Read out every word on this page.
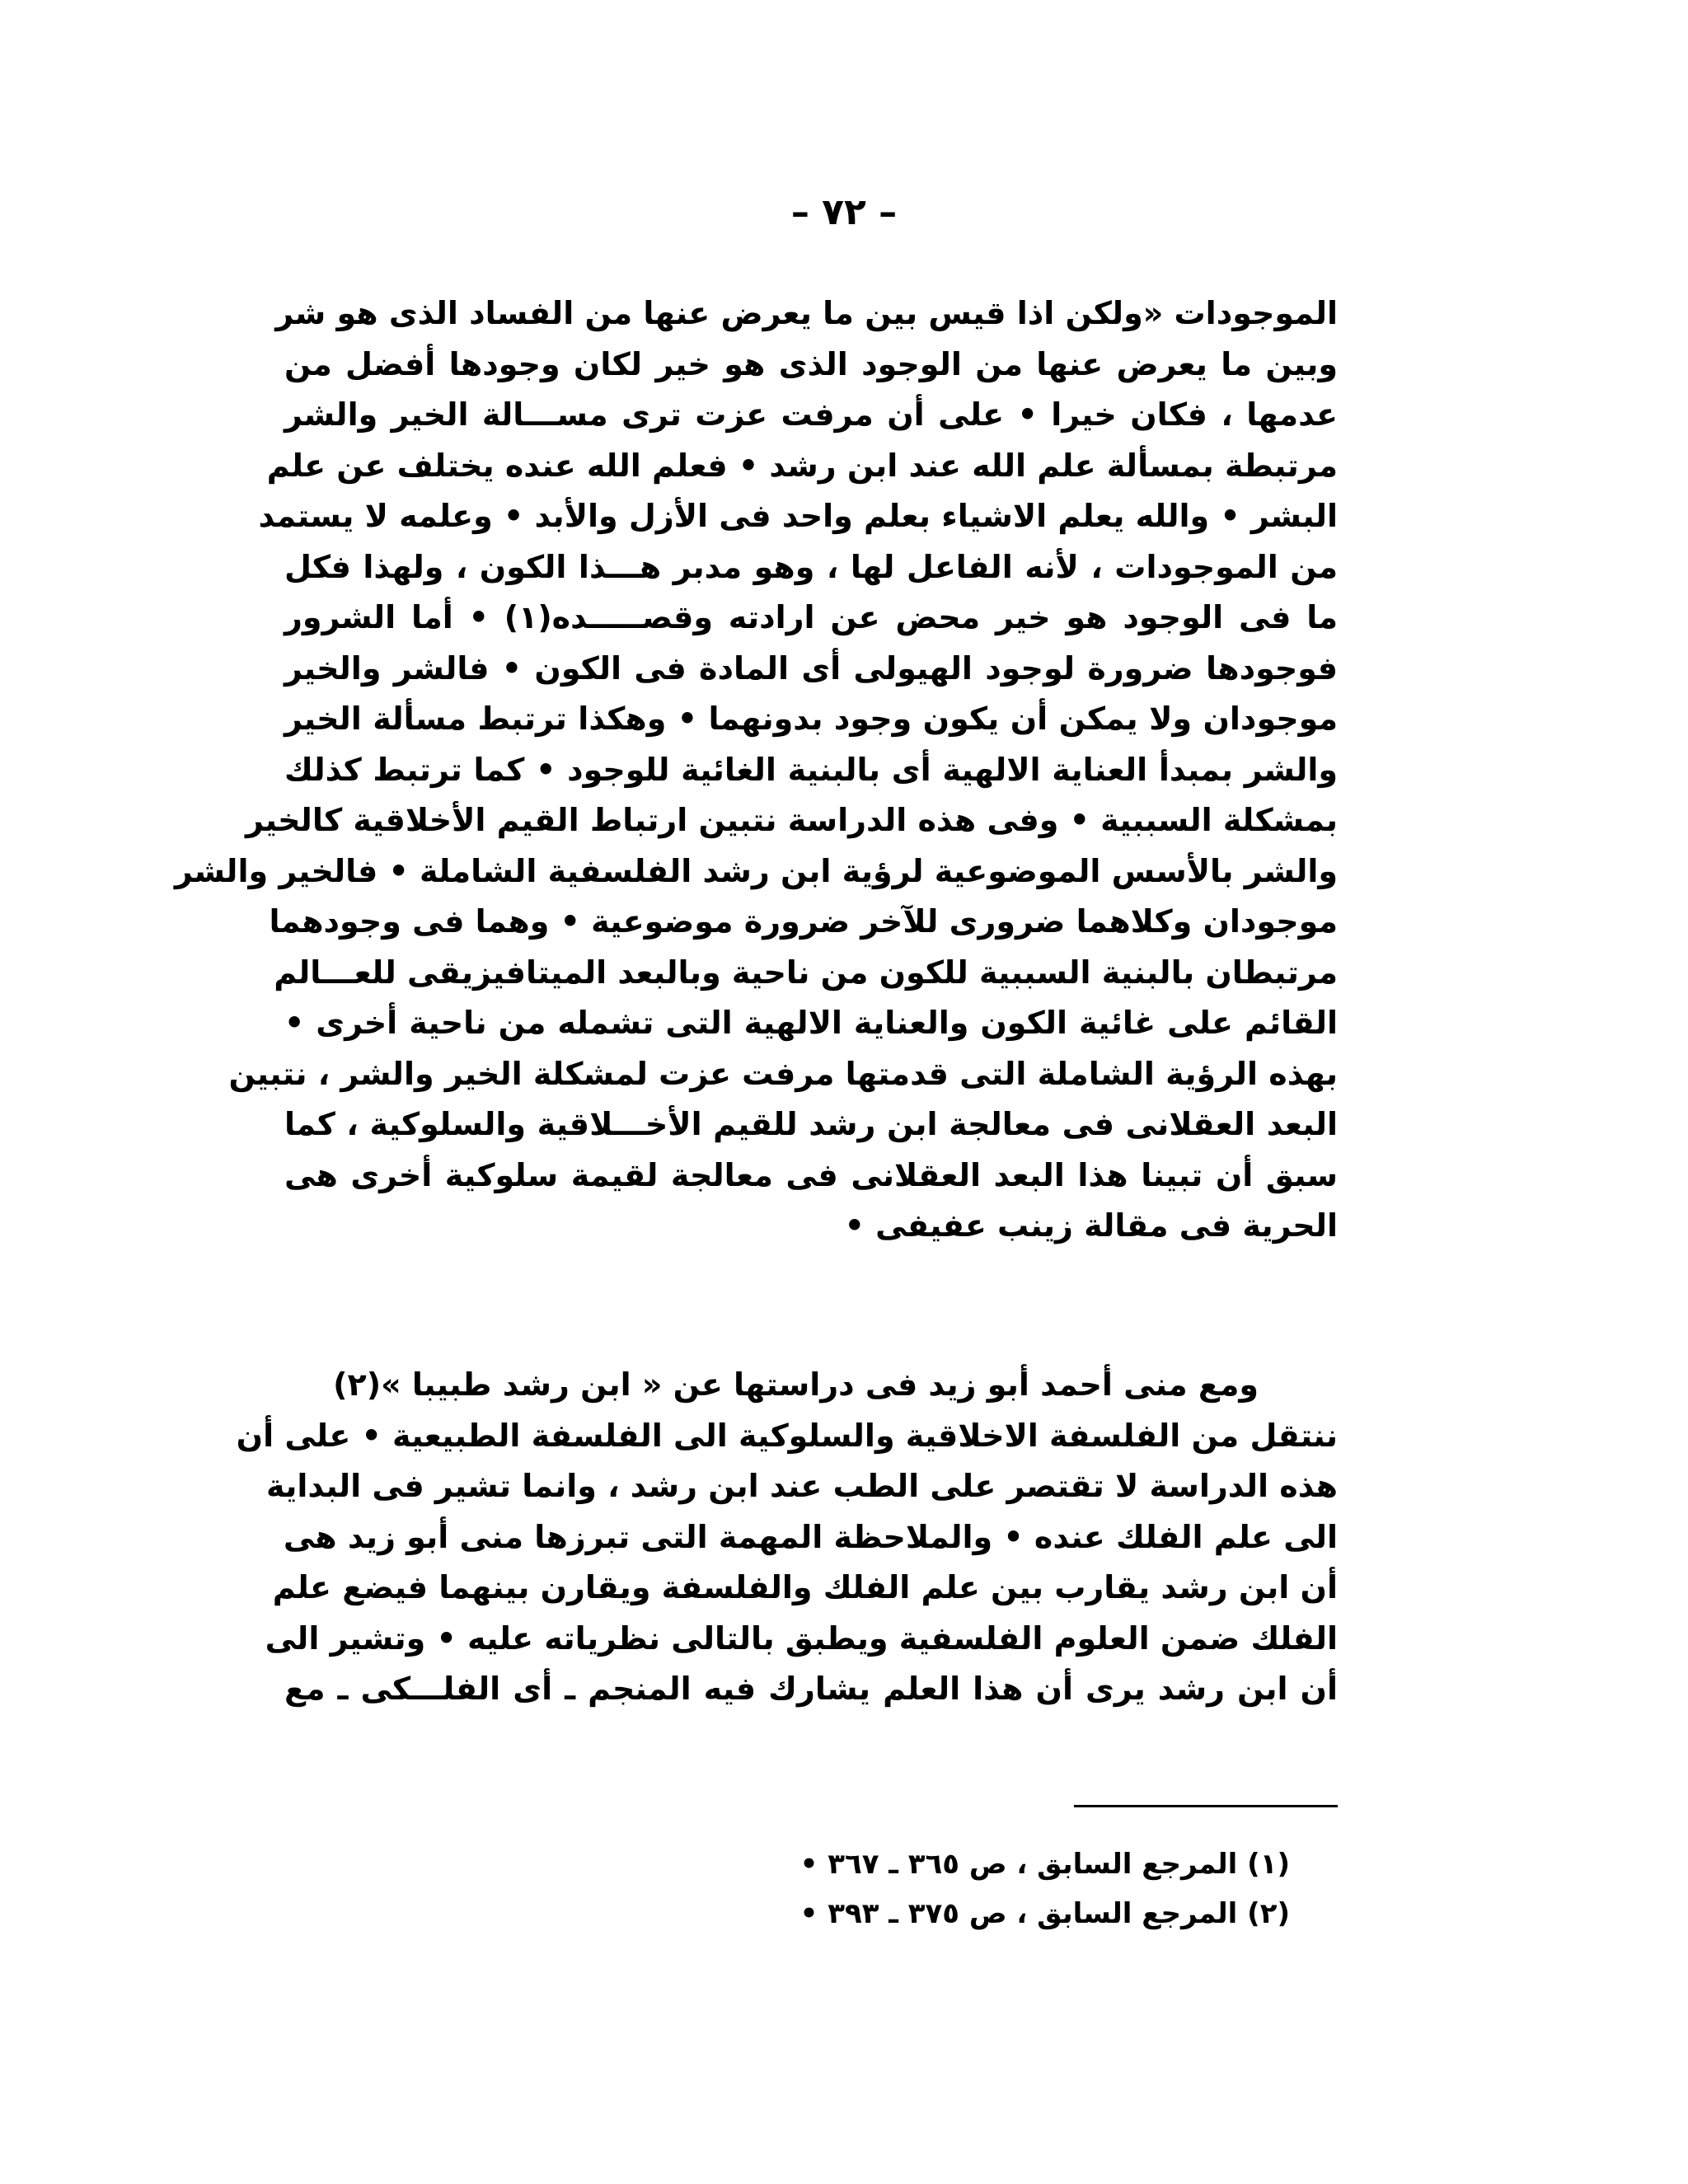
– ٧٢ –
الموجودات «ولكن اذا قيس بين ما يعرض عنها من الفساد الذى هو شر
وبين ما يعرض عنها من الوجود الذى هو خير لكان وجودها أفضل من
عدمها ، فكان خيرا • على أن مرفت عزت ترى مســـالة الخير والشر
مرتبطة بمسألة علم الله عند ابن رشد • فعلم الله عنده يختلف عن علم
البشر • والله يعلم الاشياء بعلم واحد فى الأزل والأبد • وعلمه لا يستمد
من الموجودات ، لأنه الفاعل لها ، وهو مدبر هـــذا الكون ، ولهذا فكل
ما فى الوجود هو خير محض عن ارادته وقصـــــده(١) • أما الشرور
فوجودها ضرورة لوجود الهيولى أى المادة فى الكون • فالشر والخير
موجودان ولا يمكن أن يكون وجود بدونهما • وهكذا ترتبط مسألة الخير
والشر بمبدأ العناية الالهية أى بالبنية الغائية للوجود • كما ترتبط كذلك
بمشكلة السببية • وفى هذه الدراسة نتبين ارتباط القيم الأخلاقية كالخير
والشر بالأسس الموضوعية لرؤية ابن رشد الفلسفية الشاملة • فالخير والشر
موجودان وكلاهما ضرورى للآخر ضرورة موضوعية • وهما فى وجودهما
مرتبطان بالبنية السببية للكون من ناحية وبالبعد الميتافيزيقى للعـــالم
القائم على غائية الكون والعناية الالهية التى تشمله من ناحية أخرى •
بهذه الرؤية الشاملة التى قدمتها مرفت عزت لمشكلة الخير والشر ، نتبين
البعد العقلانى فى معالجة ابن رشد للقيم الأخـــلاقية والسلوكية ، كما
سبق أن تبينا هذا البعد العقلانى فى معالجة لقيمة سلوكية أخرى هى
الحرية فى مقالة زينب عفيفى •
ومع منى أحمد أبو زيد فى دراستها عن « ابن رشد طبيبا »(٢)
ننتقل من الفلسفة الاخلاقية والسلوكية الى الفلسفة الطبيعية • على أن
هذه الدراسة لا تقتصر على الطب عند ابن رشد ، وانما تشير فى البداية
الى علم الفلك عنده • والملاحظة المهمة التى تبرزها منى أبو زيد هى
أن ابن رشد يقارب بين علم الفلك والفلسفة ويقارن بينهما فيضع علم
الفلك ضمن العلوم الفلسفية ويطبق بالتالى نظرياته عليه • وتشير الى
أن ابن رشد يرى أن هذا العلم يشارك فيه المنجم ـ أى الفلـــكى ـ مع
(١) المرجع السابق ، ص ٣٦٥ ـ ٣٦٧ •
(٢) المرجع السابق ، ص ٣٧٥ ـ ٣٩٣ •
